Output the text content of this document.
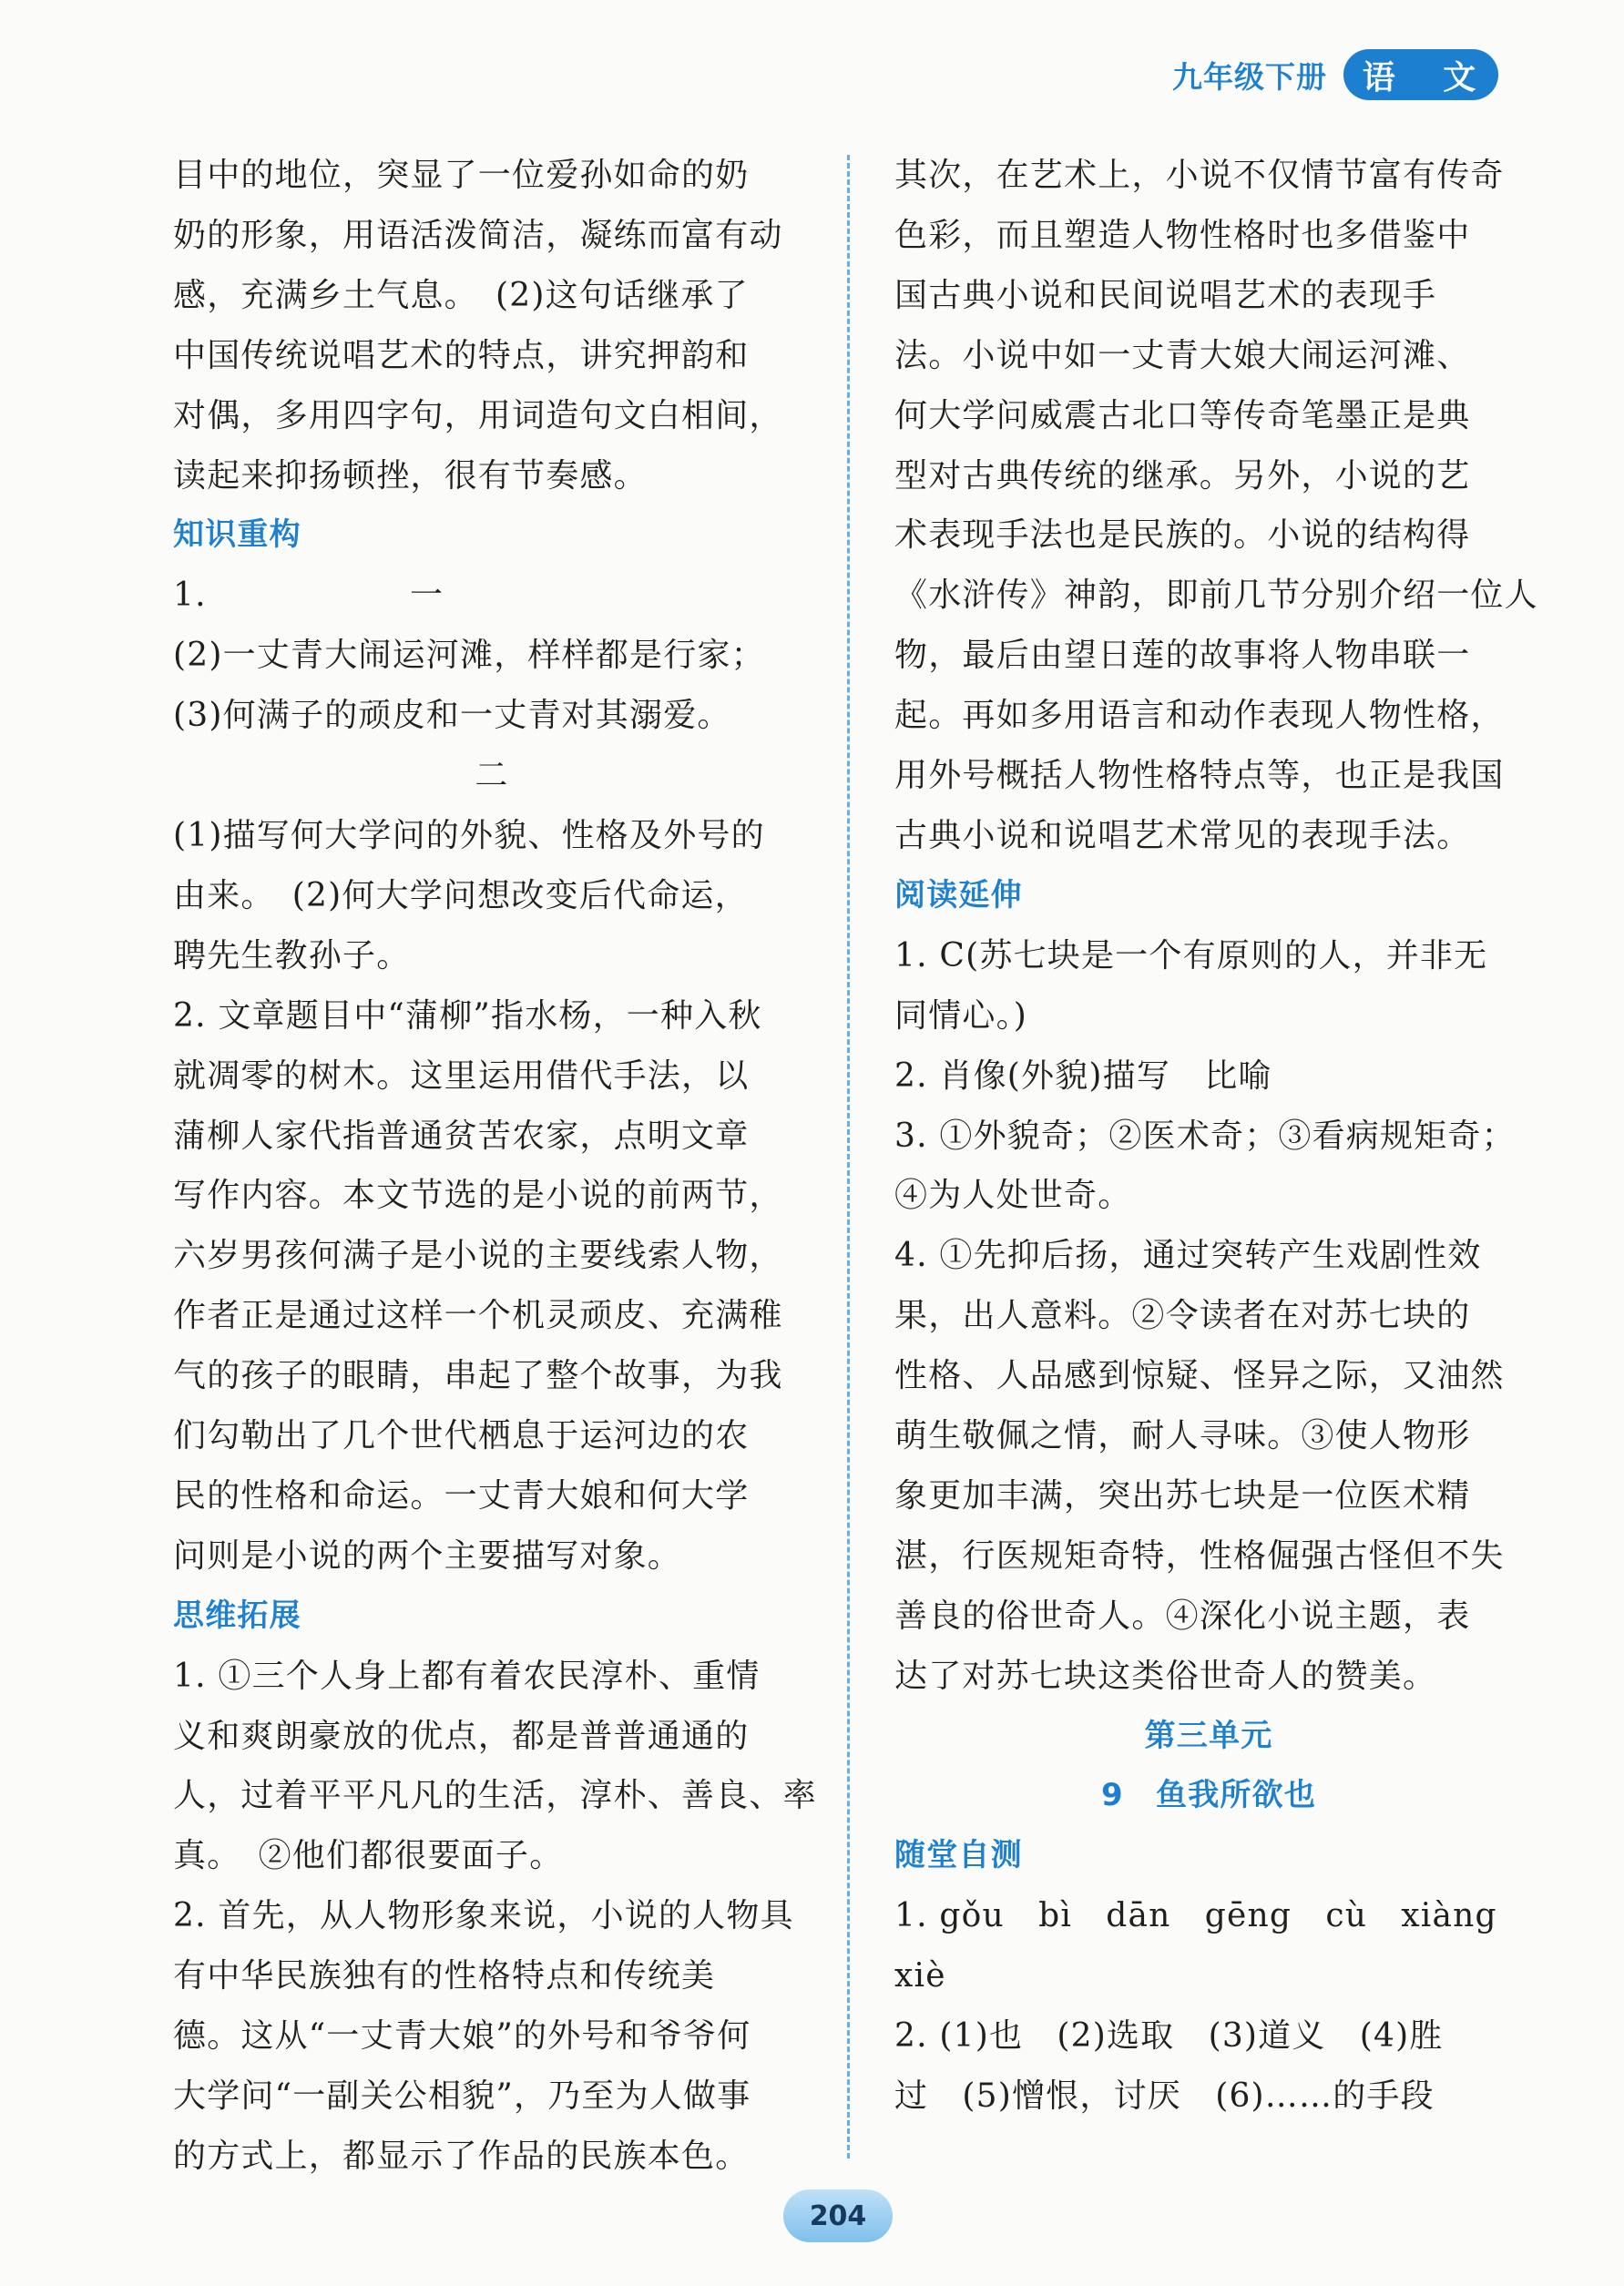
九年级下册	语 文
目中的地位，突显了一位爱孙如命的奶
奶的形象，用语活泼简洁，凝练而富有动
感，充满乡土气息。　(2)这句话继承了
中国传统说唱艺术的特点，讲究押韵和
对偶，多用四字句，用词造句文白相间，
读起来抑扬顿挫，很有节奏感。
知识重构
1.　　　　　　一
(2)一丈青大闹运河滩，样样都是行家；
(3)何满子的顽皮和一丈青对其溺爱。
二
(1)描写何大学问的外貌、性格及外号的
由来。　(2)何大学问想改变后代命运，
聘先生教孙子。
2. 文章题目中“蒲柳”指水杨，一种入秋
就凋零的树木。这里运用借代手法，以
蒲柳人家代指普通贫苦农家，点明文章
写作内容。本文节选的是小说的前两节，
六岁男孩何满子是小说的主要线索人物，
作者正是通过这样一个机灵顽皮、充满稚
气的孩子的眼睛，串起了整个故事，为我
们勾勒出了几个世代栖息于运河边的农
民的性格和命运。一丈青大娘和何大学
问则是小说的两个主要描写对象。
思维拓展
1. ①三个人身上都有着农民淳朴、重情
义和爽朗豪放的优点，都是普普通通的
人，过着平平凡凡的生活，淳朴、善良、率
真。　②他们都很要面子。
2. 首先，从人物形象来说，小说的人物具
有中华民族独有的性格特点和传统美
德。这从“一丈青大娘”的外号和爷爷何
大学问“一副关公相貌”，乃至为人做事
的方式上，都显示了作品的民族本色。
其次，在艺术上，小说不仅情节富有传奇
色彩，而且塑造人物性格时也多借鉴中
国古典小说和民间说唱艺术的表现手
法。小说中如一丈青大娘大闹运河滩、
何大学问威震古北口等传奇笔墨正是典
型对古典传统的继承。另外，小说的艺
术表现手法也是民族的。小说的结构得
《水浒传》神韵，即前几节分别介绍一位人
物，最后由望日莲的故事将人物串联一
起。再如多用语言和动作表现人物性格，
用外号概括人物性格特点等，也正是我国
古典小说和说唱艺术常见的表现手法。
阅读延伸
1. C(苏七块是一个有原则的人，并非无
同情心。)
2. 肖像(外貌)描写　比喻
3. ①外貌奇；②医术奇；③看病规矩奇；
④为人处世奇。
4. ①先抑后扬，通过突转产生戏剧性效
果，出人意料。②令读者在对苏七块的
性格、人品感到惊疑、怪异之际，又油然
萌生敬佩之情，耐人寻味。③使人物形
象更加丰满，突出苏七块是一位医术精
湛，行医规矩奇特，性格倔强古怪但不失
善良的俗世奇人。④深化小说主题，表
达了对苏七块这类俗世奇人的赞美。
第三单元
9　鱼我所欲也
随堂自测
1. gǒu　bì　dān　gēng　cù　xiàng
xiè
2. (1)也　(2)选取　(3)道义　(4)胜
过　(5)憎恨，讨厌　(6)……的手段
204
